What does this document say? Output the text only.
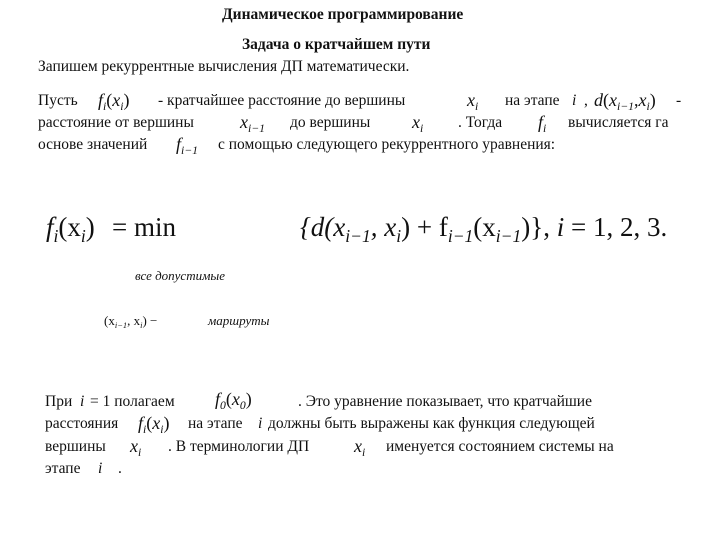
Динамическое программирование
Задача о кратчайшем пути
Запишем рекуррентные вычисления ДП математически.
Пусть $f_i(x_i)$ - кратчайшее расстояние до вершины	$x_i$ на этапе i , $d(x_{i-1},x_i)$ -
расстояние от вершины	$x_{i-1}$ до вершины $x_i$ . Тогда $f_i$ вычисляется га
основе значений $f_{i-1}$ с помощью следующего рекуррентного уравнения:
$f_i(x_i) = \min$	{$d(x_{i-1}$, $x_i) + f_{i-1}(x_{i-1})$}, i = 1, 2, 3.
все допустимые
($x_{i-1}$, $x_i$) −	маршруты
При i = 1 полагаем $f_0(x_0)$	. Это уравнение показывает, что кратчайшие
расстояния $f_i(x_i)$ на этапе i должны быть выражены как функция следующей
вершины $x_i$ . В терминологии ДП $x_i$ именуется состоянием системы на
этапе i .
